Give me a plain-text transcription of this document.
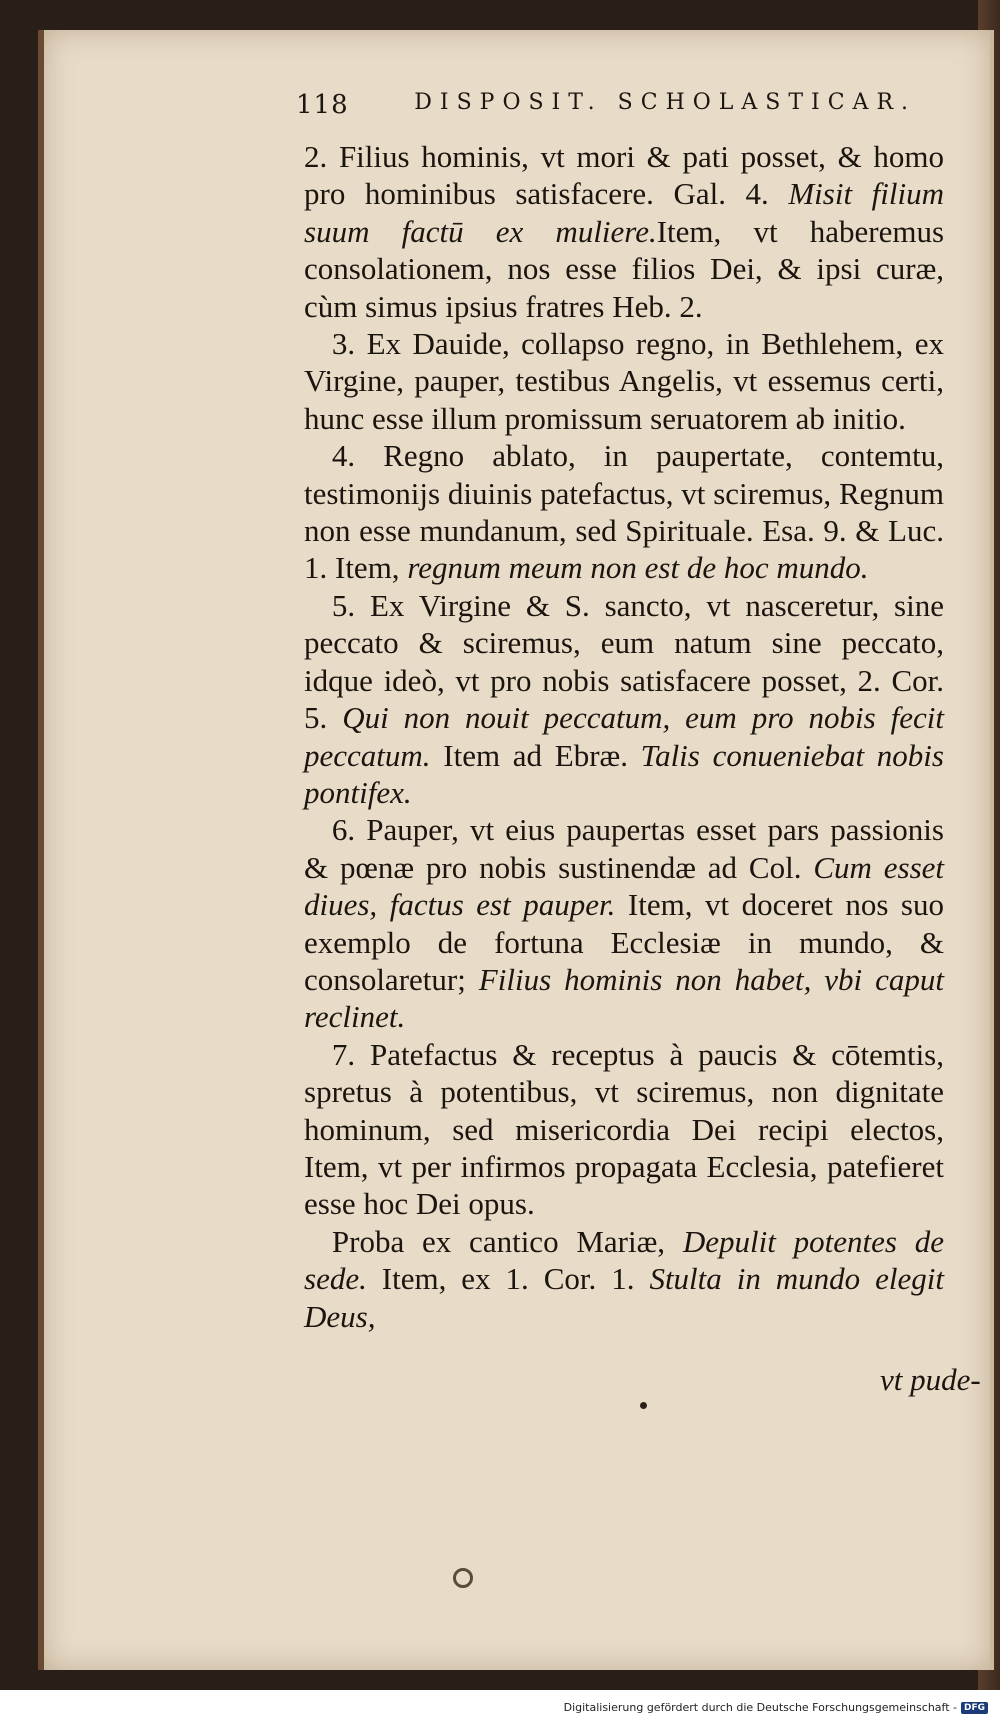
118	DISPOSIT. SCHOLASTICAR.

2. Filius hominis, vt mori & pati posset, & homo pro hominibus satisfacere. Gal. 4. Misit filium suum factū ex muliere.Item, vt haberemus consolationem, nos esse filios Dei, & ipsi curæ, cùm simus ipsius fratres Heb. 2.

3. Ex Dauide, collapso regno, in Bethlehem, ex Virgine, pauper, testibus Angelis, vt essemus certi, hunc esse illum promissum seruatorem ab initio.

4. Regno ablato, in paupertate, contemtu, testimonijs diuinis patefactus, vt sciremus, Regnum non esse mundanum, sed Spirituale. Esa. 9. & Luc. 1. Item, regnum meum non est de hoc mundo.

5. Ex Virgine & S. sancto, vt nasceretur, sine peccato & sciremus, eum natum sine peccato, idque ideò, vt pro nobis satisfacere posset, 2. Cor. 5. Qui non nouit peccatum, eum pro nobis fecit peccatum. Item ad Ebræ. Talis conueniebat nobis pontifex.

6. Pauper, vt eius paupertas esset pars passionis & pœnæ pro nobis sustinendæ ad Col. Cum esset diues, factus est pauper. Item, vt doceret nos suo exemplo de fortuna Ecclesiæ in mundo, & consolaretur; Filius hominis non habet, vbi caput reclinet.

7. Patefactus & receptus à paucis & cōtemtis, spretus à potentibus, vt sciremus, non dignitate hominum, sed misericordia Dei recipi electos, Item, vt per infirmos propagata Ecclesia, patefieret esse hoc Dei opus.

Proba ex cantico Mariæ, Depulit potentes de sede. Item, ex 1. Cor. 1. Stulta in mundo elegit Deus,

vt pude-
Digitalisierung gefördert durch die Deutsche Forschungsgemeinschaft - DFG
